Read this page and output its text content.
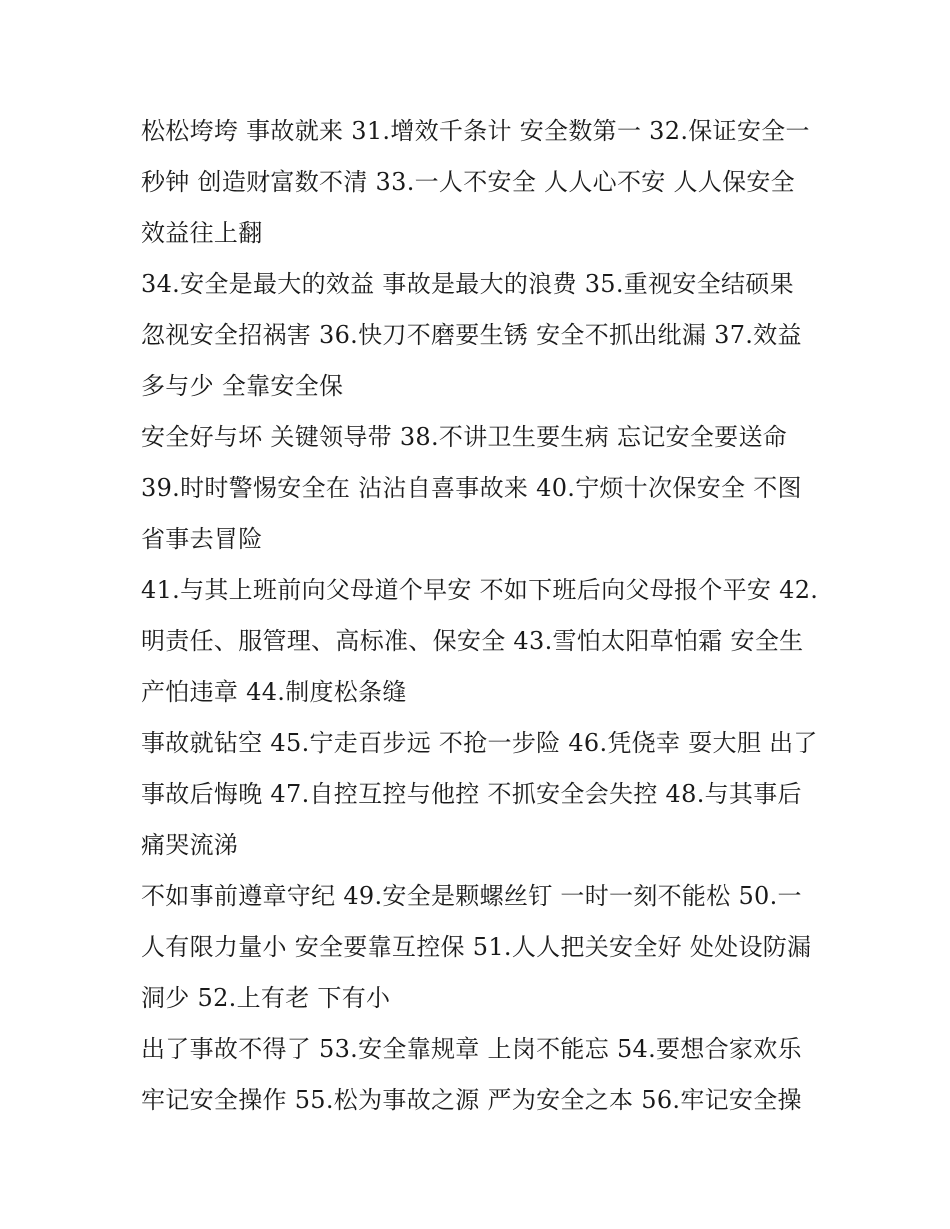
松松垮垮 事故就来 31.增效千条计 安全数第一 32.保证安全一
秒钟 创造财富数不清 33.一人不安全 人人心不安 人人保安全
效益往上翻
34.安全是最大的效益 事故是最大的浪费 35.重视安全结硕果
忽视安全招祸害 36.快刀不磨要生锈 安全不抓出纰漏 37.效益
多与少 全靠安全保
安全好与坏 关键领导带 38.不讲卫生要生病 忘记安全要送命
39.时时警惕安全在 沾沾自喜事故来 40.宁烦十次保安全 不图
省事去冒险
41.与其上班前向父母道个早安 不如下班后向父母报个平安 42.
明责任、服管理、高标准、保安全 43.雪怕太阳草怕霜 安全生
产怕违章 44.制度松条缝
事故就钻空 45.宁走百步远 不抢一步险 46.凭侥幸 耍大胆 出了
事故后悔晚 47.自控互控与他控 不抓安全会失控 48.与其事后
痛哭流涕
不如事前遵章守纪 49.安全是颗螺丝钉 一时一刻不能松 50.一
人有限力量小 安全要靠互控保 51.人人把关安全好 处处设防漏
洞少 52.上有老 下有小
出了事故不得了 53.安全靠规章 上岗不能忘 54.要想合家欢乐
牢记安全操作 55.松为事故之源 严为安全之本 56.牢记安全操
